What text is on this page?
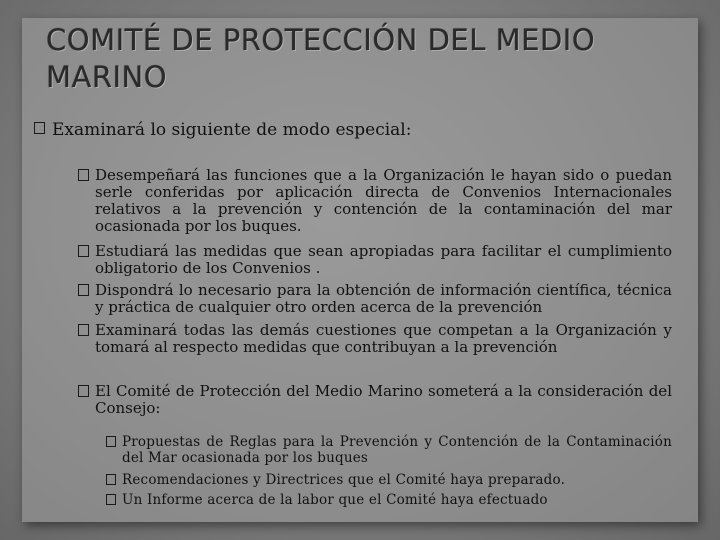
COMITÉ DE PROTECCIÓN DEL MEDIO MARINO
Examinará lo siguiente de modo especial:
Desempeñará las funciones que a la Organización le hayan sido o puedan serle conferidas por aplicación directa de Convenios Internacionales relativos a la prevención y contención de la contaminación del mar ocasionada por los buques.
Estudiará las medidas que sean apropiadas para facilitar el cumplimiento obligatorio de los Convenios .
Dispondrá lo necesario para la obtención de información científica, técnica y práctica de cualquier otro orden acerca de la prevención
Examinará todas las demás cuestiones que competan a la Organización y tomará al respecto medidas que contribuyan a la prevención
El Comité de Protección del Medio Marino someterá a la consideración del Consejo:
Propuestas de Reglas para la Prevención y Contención de la Contaminación del Mar ocasionada por los buques
Recomendaciones y Directrices que el Comité haya preparado.
Un Informe acerca de la labor que el Comité haya efectuado
